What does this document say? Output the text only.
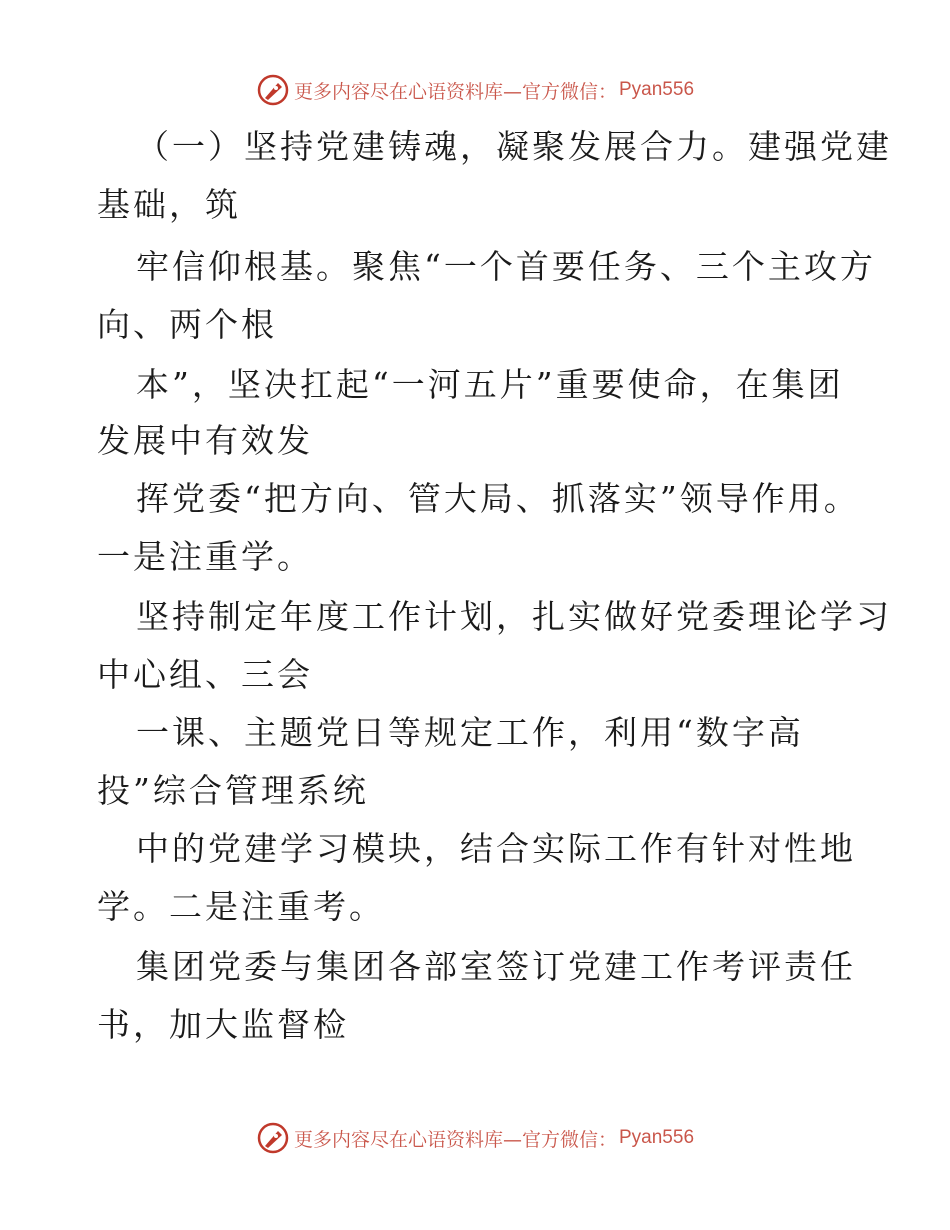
更多内容尽在心语资料库—官方微信： Pyan556
（一）坚持党建铸魂，凝聚发展合力。建强党建
基础，筑
牢信仰根基。聚焦“一个首要任务、三个主攻方
向、两个根
本”，坚决扛起“一河五片”重要使命，在集团
发展中有效发
挥党委“把方向、管大局、抓落实”领导作用。
一是注重学。
坚持制定年度工作计划，扎实做好党委理论学习
中心组、三会
一课、主题党日等规定工作，利用“数字高
投”综合管理系统
中的党建学习模块，结合实际工作有针对性地
学。二是注重考。
集团党委与集团各部室签订党建工作考评责任
书，加大监督检
更多内容尽在心语资料库—官方微信： Pyan556
